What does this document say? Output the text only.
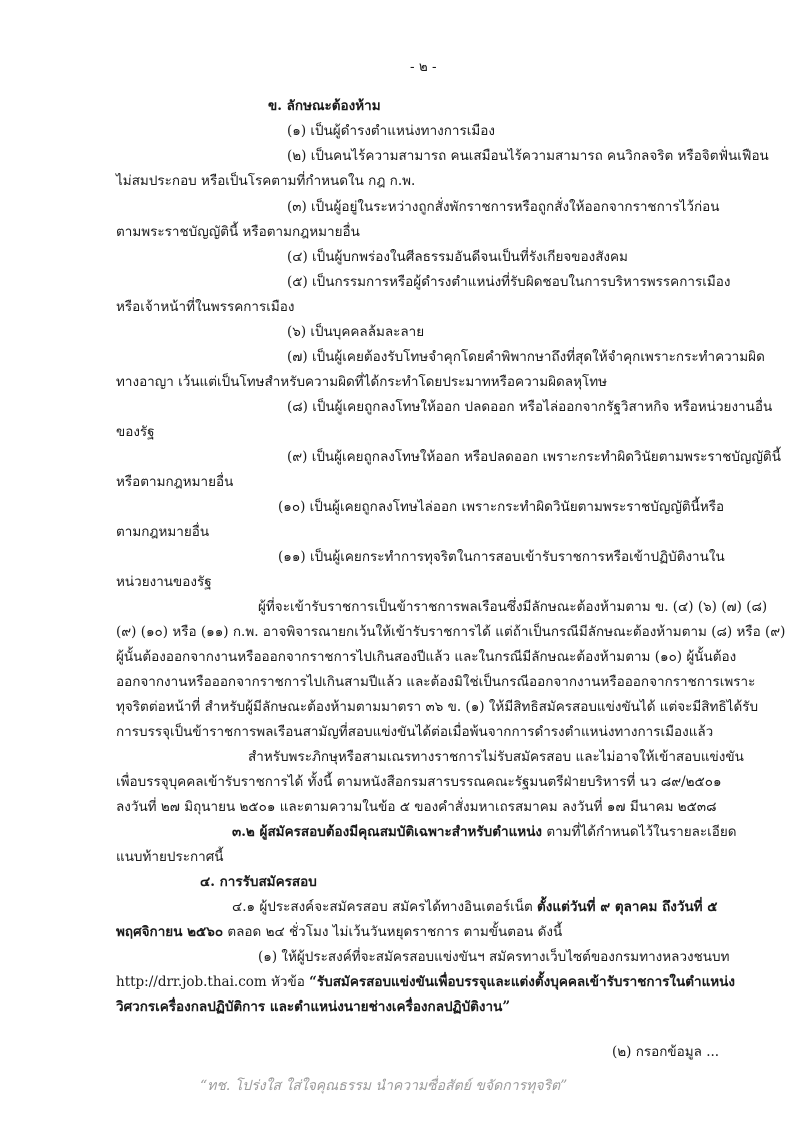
- ๒ -
ข. ลักษณะต้องห้าม
(๑) เป็นผู้ดำรงตำแหน่งทางการเมือง
(๒) เป็นคนไร้ความสามารถ คนเสมือนไร้ความสามารถ คนวิกลจริต หรือจิตฟั่นเฟือน
ไม่สมประกอบ หรือเป็นโรคตามที่กำหนดใน กฎ ก.พ.
(๓) เป็นผู้อยู่ในระหว่างถูกสั่งพักราชการหรือถูกสั่งให้ออกจากราชการไว้ก่อน
ตามพระราชบัญญัตินี้ หรือตามกฎหมายอื่น
(๔) เป็นผู้บกพร่องในศีลธรรมอันดีจนเป็นที่รังเกียจของสังคม
(๕) เป็นกรรมการหรือผู้ดำรงตำแหน่งที่รับผิดชอบในการบริหารพรรคการเมือง
หรือเจ้าหน้าที่ในพรรคการเมือง
(๖) เป็นบุคคลล้มละลาย
(๗) เป็นผู้เคยต้องรับโทษจำคุกโดยคำพิพากษาถึงที่สุดให้จำคุกเพราะกระทำความผิด
ทางอาญา เว้นแต่เป็นโทษสำหรับความผิดที่ได้กระทำโดยประมาทหรือความผิดลหุโทษ
(๘) เป็นผู้เคยถูกลงโทษให้ออก ปลดออก หรือไล่ออกจากรัฐวิสาหกิจ หรือหน่วยงานอื่น
ของรัฐ
(๙) เป็นผู้เคยถูกลงโทษให้ออก หรือปลดออก เพราะกระทำผิดวินัยตามพระราชบัญญัตินี้
หรือตามกฎหมายอื่น
(๑๐) เป็นผู้เคยถูกลงโทษไล่ออก เพราะกระทำผิดวินัยตามพระราชบัญญัตินี้หรือ
ตามกฎหมายอื่น
(๑๑) เป็นผู้เคยกระทำการทุจริตในการสอบเข้ารับราชการหรือเข้าปฏิบัติงานใน
หน่วยงานของรัฐ
ผู้ที่จะเข้ารับราชการเป็นข้าราชการพลเรือนซึ่งมีลักษณะต้องห้ามตาม ข. (๔) (๖) (๗) (๘)
(๙) (๑๐) หรือ (๑๑) ก.พ. อาจพิจารณายกเว้นให้เข้ารับราชการได้ แต่ถ้าเป็นกรณีมีลักษณะต้องห้ามตาม (๘) หรือ (๙)
ผู้นั้นต้องออกจากงานหรือออกจากราชการไปเกินสองปีแล้ว และในกรณีมีลักษณะต้องห้ามตาม (๑๐) ผู้นั้นต้อง
ออกจากงานหรือออกจากราชการไปเกินสามปีแล้ว และต้องมิใช่เป็นกรณีออกจากงานหรือออกจากราชการเพราะ
ทุจริตต่อหน้าที่ สำหรับผู้มีลักษณะต้องห้ามตามมาตรา ๓๖ ข. (๑) ให้มีสิทธิสมัครสอบแข่งขันได้ แต่จะมีสิทธิได้รับ
การบรรจุเป็นข้าราชการพลเรือนสามัญที่สอบแข่งขันได้ต่อเมื่อพ้นจากการดำรงตำแหน่งทางการเมืองแล้ว
สำหรับพระภิกษุหรือสามเณรทางราชการไม่รับสมัครสอบ และไม่อาจให้เข้าสอบแข่งขัน
เพื่อบรรจุบุคคลเข้ารับราชการได้ ทั้งนี้ ตามหนังสือกรมสารบรรณคณะรัฐมนตรีฝ่ายบริหารที่ นว ๘๙/๒๕๐๑
ลงวันที่ ๒๗ มิถุนายน ๒๕๐๑ และตามความในข้อ ๕ ของคำสั่งมหาเถรสมาคม ลงวันที่ ๑๗ มีนาคม ๒๕๓๘
๓.๒ ผู้สมัครสอบต้องมีคุณสมบัติเฉพาะสำหรับตำแหน่ง ตามที่ได้กำหนดไว้ในรายละเอียด
แนบท้ายประกาศนี้
๔. การรับสมัครสอบ
๔.๑ ผู้ประสงค์จะสมัครสอบ สมัครได้ทางอินเตอร์เน็ต ตั้งแต่วันที่ ๙ ตุลาคม ถึงวันที่ ๕
พฤศจิกายน ๒๕๖๐ ตลอด ๒๔ ชั่วโมง ไม่เว้นวันหยุดราชการ ตามขั้นตอน ดังนี้
(๑) ให้ผู้ประสงค์ที่จะสมัครสอบแข่งขันฯ สมัครทางเว็บไซต์ของกรมทางหลวงชนบท
http://drr.job.thai.com หัวข้อ “รับสมัครสอบแข่งขันเพื่อบรรจุและแต่งตั้งบุคคลเข้ารับราชการในตำแหน่ง
วิศวกรเครื่องกลปฏิบัติการ และตำแหน่งนายช่างเครื่องกลปฏิบัติงาน”
(๒) กรอกข้อมูล ...
“ทช. โปร่งใส ใส่ใจคุณธรรม นำความซื่อสัตย์ ขจัดการทุจริต”
